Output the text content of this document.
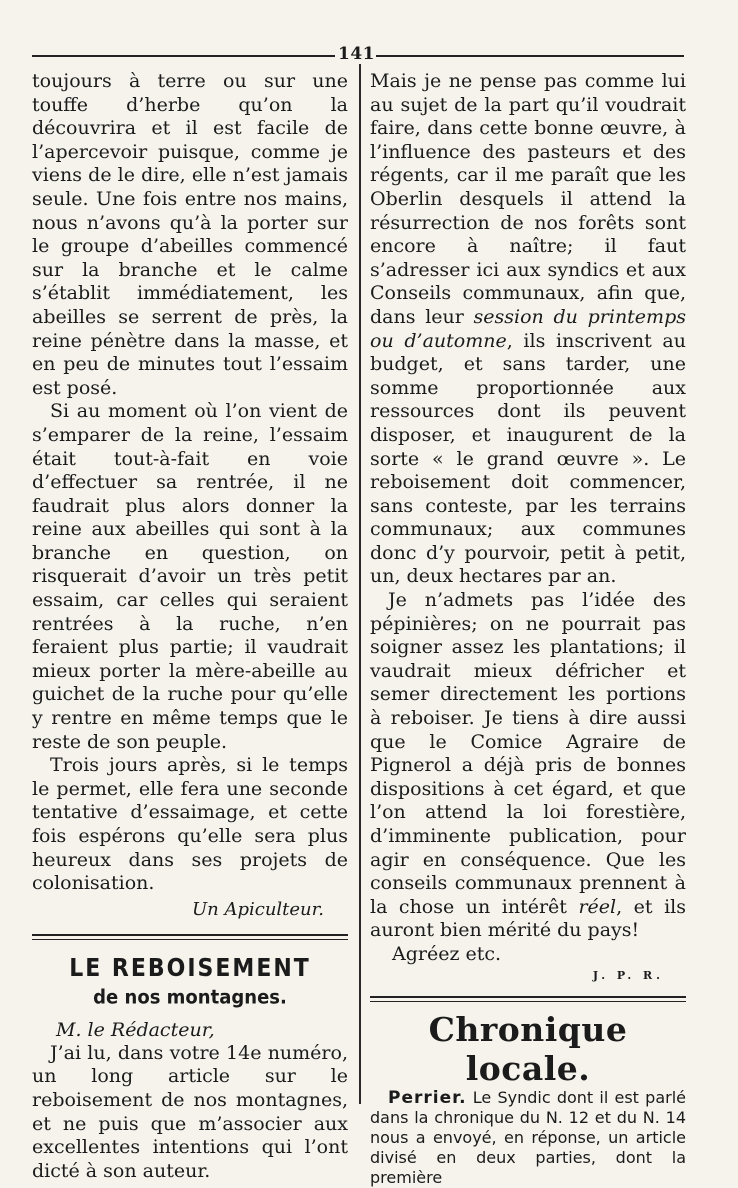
141

toujours à terre ou sur une touffe d’herbe qu’on la découvrira et il est facile de l’apercevoir puisque, comme je viens de le dire, elle n’est jamais seule. Une fois entre nos mains, nous n’avons qu’à la porter sur le groupe d’abeilles commencé sur la branche et le calme s’établit immédiatement, les abeilles se serrent de près, la reine pénètre dans la masse, et en peu de minutes tout l’essaim est posé.

Si au moment où l’on vient de s’emparer de la reine, l’essaim était tout-à-fait en voie d’effectuer sa rentrée, il ne faudrait plus alors donner la reine aux abeilles qui sont à la branche en question, on risquerait d’avoir un très petit essaim, car celles qui seraient rentrées à la ruche, n’en feraient plus partie; il vaudrait mieux porter la mère-abeille au guichet de la ruche pour qu’elle y rentre en même temps que le reste de son peuple.

Trois jours après, si le temps le permet, elle fera une seconde tentative d’essaimage, et cette fois espérons qu’elle sera plus heureux dans ses projets de colonisation.

Un Apiculteur.
LE REBOISEMENT
de nos montagnes.
M. le Rédacteur,

J’ai lu, dans votre 14e numéro, un long article sur le reboisement de nos montagnes, et ne puis que m’associer aux excellentes intentions qui l’ont dicté à son auteur.

Mais je ne pense pas comme lui au sujet de la part qu’il voudrait faire, dans cette bonne œuvre, à l’influence des pasteurs et des régents, car il me paraît que les Oberlin desquels il attend la résurrection de nos forêts sont encore à naître; il faut s’adresser ici aux syndics et aux Conseils communaux, afin que, dans leur session du printemps ou d’automne, ils inscrivent au budget, et sans tarder, une somme proportionnée aux ressources dont ils peuvent disposer, et inaugurent de la sorte « le grand œuvre ». Le reboisement doit commencer, sans conteste, par les terrains communaux; aux communes donc d’y pourvoir, petit à petit, un, deux hectares par an.

Je n’admets pas l’idée des pépinières; on ne pourrait pas soigner assez les plantations; il vaudrait mieux défricher et semer directement les portions à reboiser. Je tiens à dire aussi que le Comice Agraire de Pignerol a déjà pris de bonnes dispositions à cet égard, et que l’on attend la loi forestière, d’imminente publication, pour agir en conséquence. Que les conseils communaux prennent à la chose un intérêt réel, et ils auront bien mérité du pays!

Agréez etc.
J. P. R.
Chronique locale.

Perrier. Le Syndic dont il est parlé dans la chronique du N. 12 et du N. 14 nous a envoyé, en réponse, un article divisé en deux parties, dont la première
